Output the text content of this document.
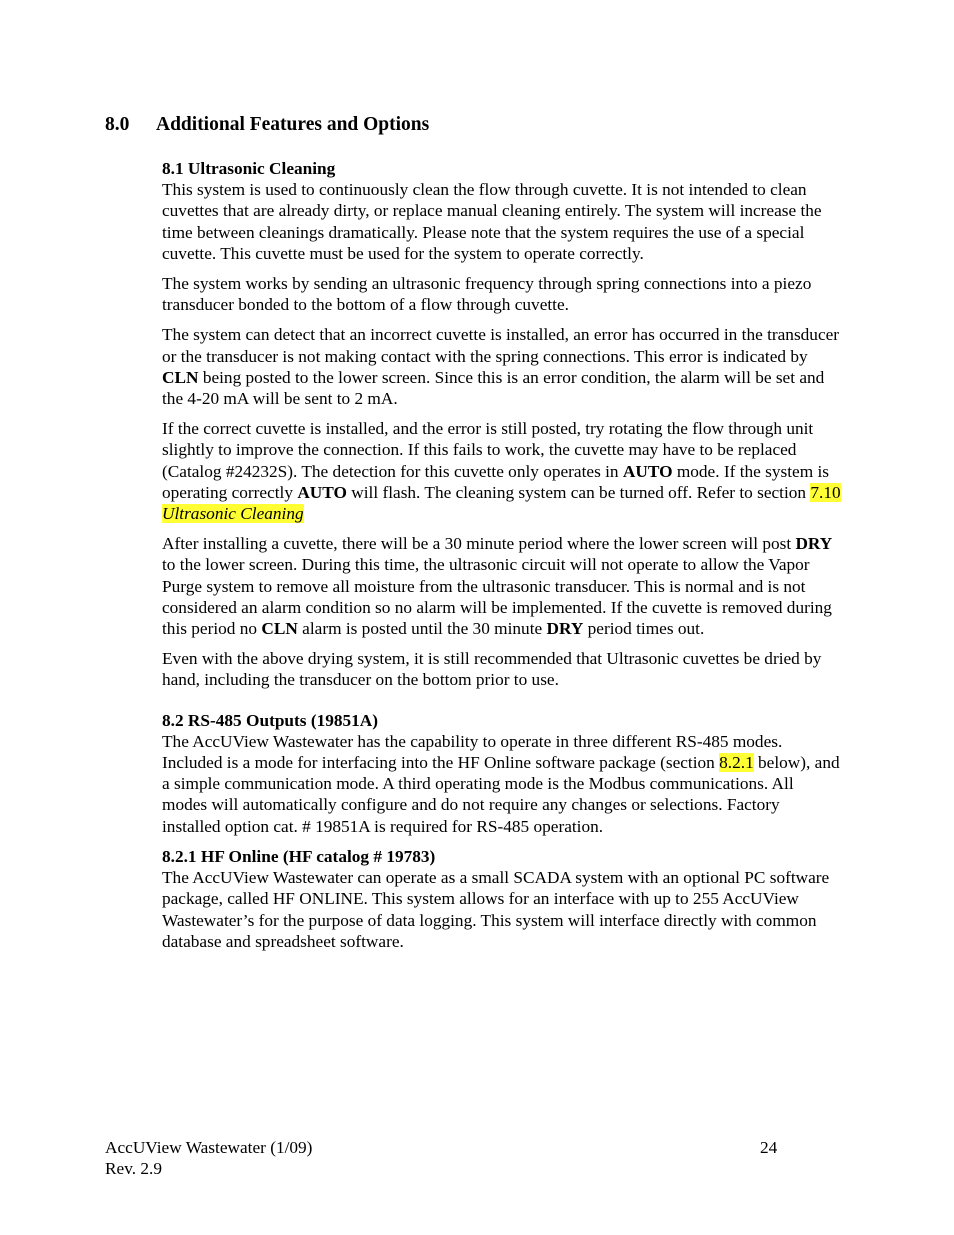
8.0 Additional Features and Options
8.1 Ultrasonic Cleaning

This system is used to continuously clean the flow through cuvette. It is not intended to clean cuvettes that are already dirty, or replace manual cleaning entirely. The system will increase the time between cleanings dramatically. Please note that the system requires the use of a special cuvette. This cuvette must be used for the system to operate correctly.

The system works by sending an ultrasonic frequency through spring connections into a piezo transducer bonded to the bottom of a flow through cuvette.

The system can detect that an incorrect cuvette is installed, an error has occurred in the transducer or the transducer is not making contact with the spring connections. This error is indicated by CLN being posted to the lower screen. Since this is an error condition, the alarm will be set and the 4-20 mA will be sent to 2 mA.

If the correct cuvette is installed, and the error is still posted, try rotating the flow through unit slightly to improve the connection. If this fails to work, the cuvette may have to be replaced (Catalog #24232S). The detection for this cuvette only operates in AUTO mode. If the system is operating correctly AUTO will flash. The cleaning system can be turned off. Refer to section 7.10 Ultrasonic Cleaning

After installing a cuvette, there will be a 30 minute period where the lower screen will post DRY to the lower screen. During this time, the ultrasonic circuit will not operate to allow the Vapor Purge system to remove all moisture from the ultrasonic transducer. This is normal and is not considered an alarm condition so no alarm will be implemented. If the cuvette is removed during this period no CLN alarm is posted until the 30 minute DRY period times out.

Even with the above drying system, it is still recommended that Ultrasonic cuvettes be dried by hand, including the transducer on the bottom prior to use.

8.2 RS-485 Outputs (19851A)

The AccUView Wastewater has the capability to operate in three different RS-485 modes. Included is a mode for interfacing into the HF Online software package (section 8.2.1 below), and a simple communication mode. A third operating mode is the Modbus communications. All modes will automatically configure and do not require any changes or selections. Factory installed option cat. # 19851A is required for RS-485 operation.

8.2.1 HF Online (HF catalog # 19783)

The AccUView Wastewater can operate as a small SCADA system with an optional PC software package, called HF ONLINE. This system allows for an interface with up to 255 AccUView Wastewater’s for the purpose of data logging. This system will interface directly with common database and spreadsheet software.

AccUView Wastewater (1/09)
Rev. 2.9
24
